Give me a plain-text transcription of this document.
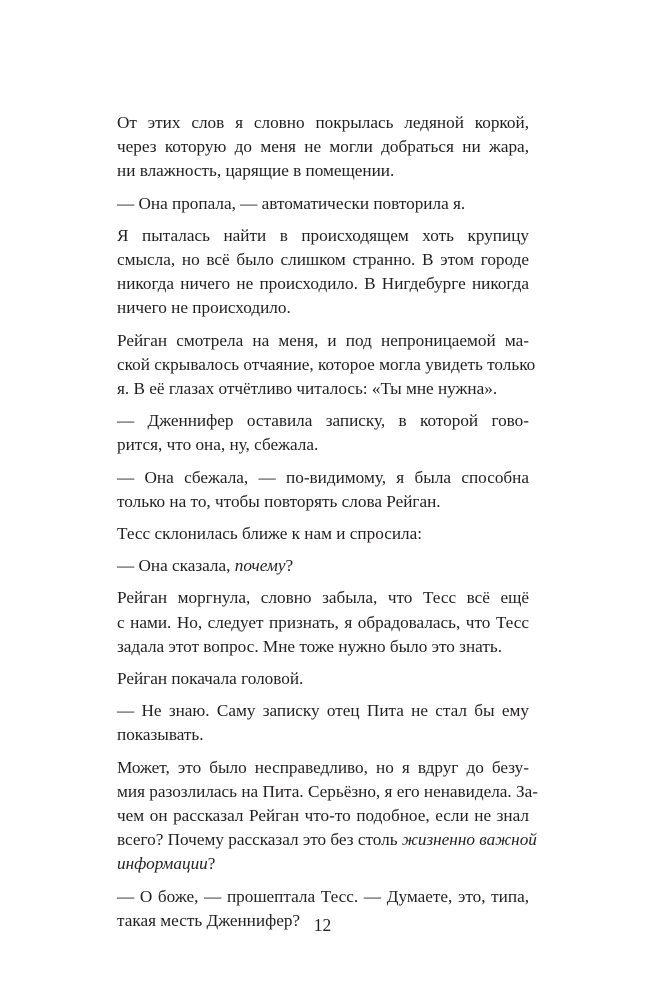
От этих слов я словно покрылась ледяной коркой,
через которую до меня не могли добраться ни жара,
ни влажность, царящие в помещении.

— Она пропала, — автоматически повторила я.

Я пыталась найти в происходящем хоть крупицу
смысла, но всё было слишком странно. В этом городе
никогда ничего не происходило. В Нигдебурге никогда
ничего не происходило.

Рейган смотрела на меня, и под непроницаемой ма-
ской скрывалось отчаяние, которое могла увидеть только
я. В её глазах отчётливо читалось: «Ты мне нужна».

— Дженнифер оставила записку, в которой гово-
рится, что она, ну, сбежала.

— Она сбежала, — по-видимому, я была способна
только на то, чтобы повторять слова Рейган.

Тесс склонилась ближе к нам и спросила:

— Она сказала, почему?

Рейган моргнула, словно забыла, что Тесс всё ещё
с нами. Но, следует признать, я обрадовалась, что Тесс
задала этот вопрос. Мне тоже нужно было это знать.

Рейган покачала головой.

— Не знаю. Саму записку отец Пита не стал бы ему
показывать.

Может, это было несправедливо, но я вдруг до безу-
мия разозлилась на Пита. Серьёзно, я его ненавидела. За-
чем он рассказал Рейган что-то подобное, если не знал
всего? Почему рассказал это без столь жизненно важной
информации?

— О боже, — прошептала Тесс. — Думаете, это, типа,
такая месть Дженнифер? 12
